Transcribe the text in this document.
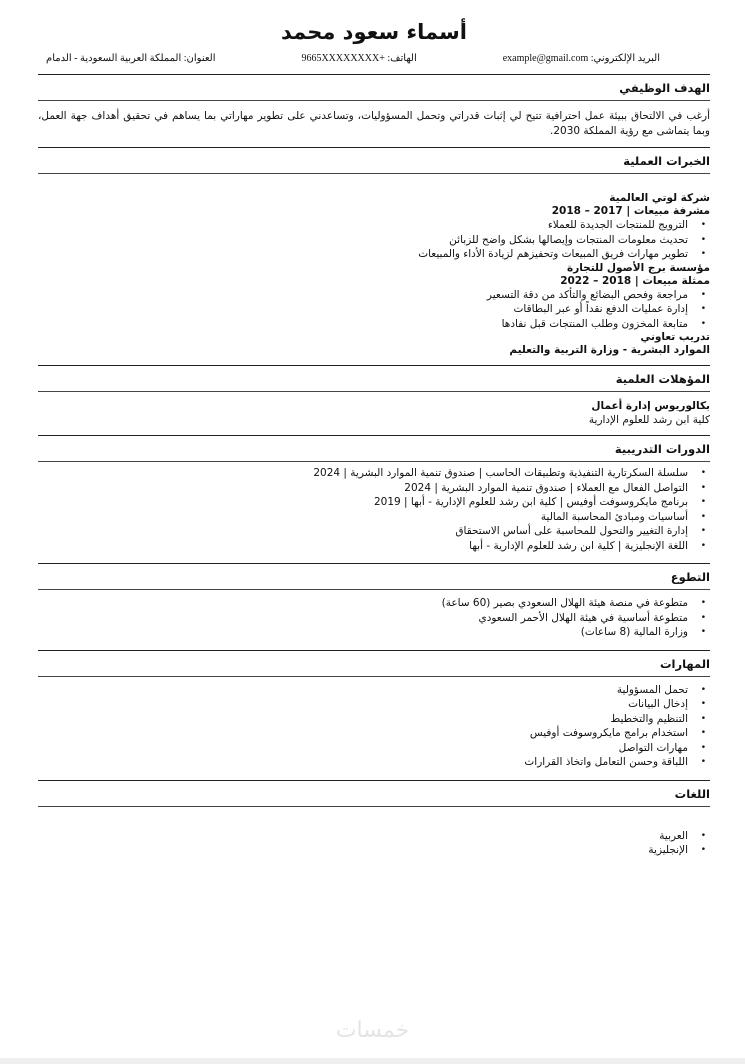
أسماء سعود محمد
البريد الإلكتروني: example@gmail.com
الهاتف: +9665XXXXXXXX
العنوان: المملكة العربية السعودية - الدمام
الهدف الوظيفي

أرغب في الالتحاق ببيئة عمل احترافية تتيح لي إثبات قدراتي وتحمل المسؤوليات، وتساعدني على تطوير مهاراتي بما يساهم في تحقيق أهداف جهة العمل، وبما يتماشى مع رؤية المملكة 2030.

الخبرات العملية

شركة لوتي العالمية

مشرفة مبيعات | 2017 – 2018

• الترويج للمنتجات الجديدة للعملاء
• تحديث معلومات المنتجات وإيصالها بشكل واضح للزبائن
• تطوير مهارات فريق المبيعات وتحفيزهم لزيادة الأداء والمبيعات

مؤسسة برج الأصول للتجارة

ممثلة مبيعات | 2018 – 2022

• مراجعة وفحص البضائع والتأكد من دقة التسعير
• إدارة عمليات الدفع نقداً أو عبر البطاقات
• متابعة المخزون وطلب المنتجات قبل نفادها

تدريب تعاوني

الموارد البشرية - وزارة التربية والتعليم

المؤهلات العلمية

بكالوريوس إدارة أعمال

كلية ابن رشد للعلوم الإدارية

الدورات التدريبية
• سلسلة السكرتارية التنفيذية وتطبيقات الحاسب | صندوق تنمية الموارد البشرية | 2024
• التواصل الفعال مع العملاء | صندوق تنمية الموارد البشرية | 2024
• برنامج مايكروسوفت أوفيس | كلية ابن رشد للعلوم الإدارية - أبها | 2019
• أساسيات ومبادئ المحاسبة المالية
• إدارة التغيير والتحول للمحاسبة على أساس الاستحقاق
• اللغة الإنجليزية | كلية ابن رشد للعلوم الإدارية - أبها
التطوع
• متطوعة في منصة هيئة الهلال السعودي بصير (60 ساعة)
• متطوعة أساسية في هيئة الهلال الأحمر السعودي
• وزارة المالية (8 ساعات)
المهارات
• تحمل المسؤولية
• إدخال البيانات
• التنظيم والتخطيط
• استخدام برامج مايكروسوفت أوفيس
• مهارات التواصل
• اللباقة وحسن التعامل واتخاذ القرارات
اللغات
• العربية
• الإنجليزية
خمسات
